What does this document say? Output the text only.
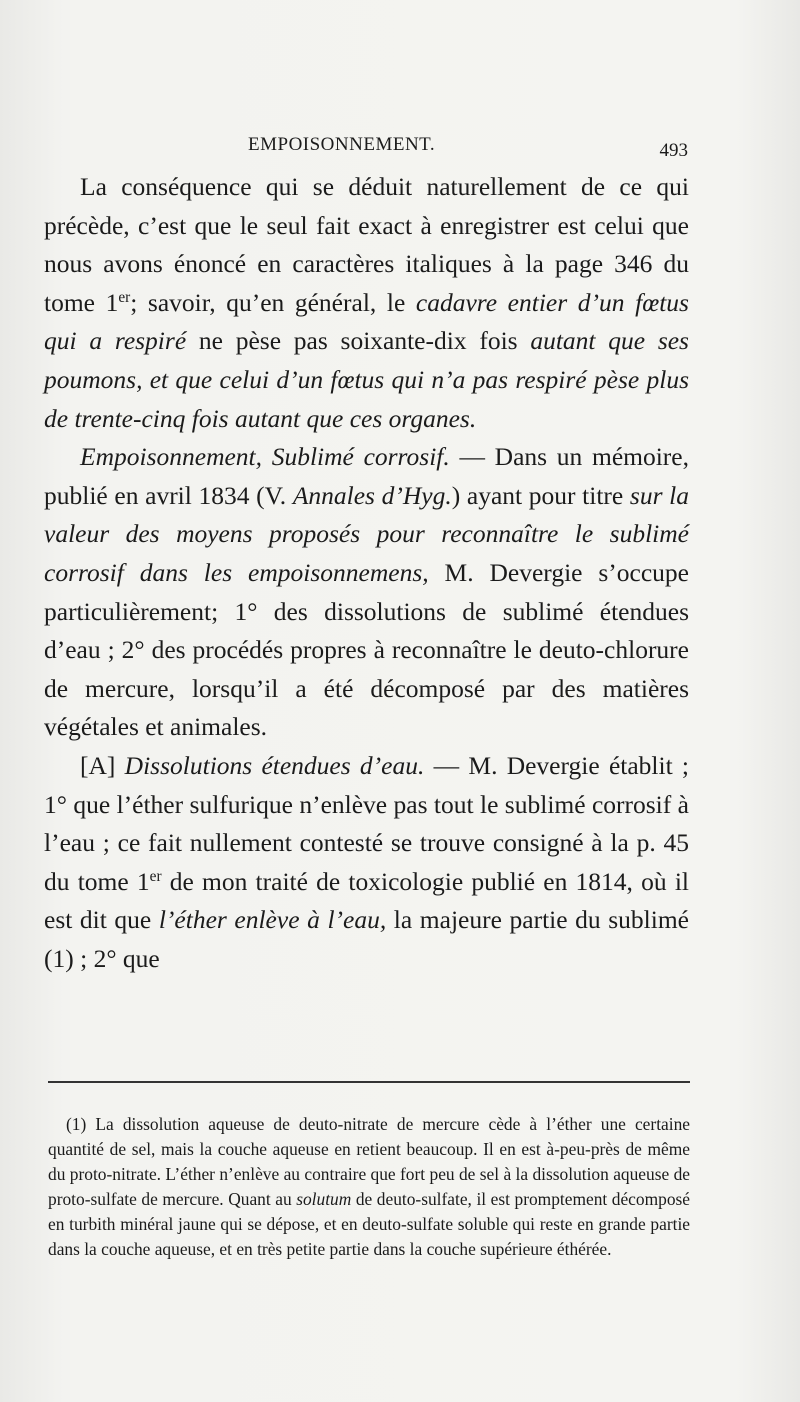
EMPOISONNEMENT.	493

La conséquence qui se déduit naturellement de ce qui précède, c’est que le seul fait exact à enregistrer est celui que nous avons énoncé en caractères italiques à la page 346 du tome 1er; savoir, qu’en général, le cadavre entier d’un fœtus qui a respiré ne pèse pas soixante-dix fois autant que ses poumons, et que celui d’un fœtus qui n’a pas respiré pèse plus de trente-cinq fois autant que ces organes.

Empoisonnement, Sublimé corrosif. — Dans un mémoire, publié en avril 1834 (V. Annales d’Hyg.) ayant pour titre sur la valeur des moyens proposés pour reconnaître le sublimé corrosif dans les empoisonnemens, M. Devergie s’occupe particulièrement; 1° des dissolutions de sublimé étendues d’eau ; 2° des procédés propres à reconnaître le deuto-chlorure de mercure, lorsqu’il a été décomposé par des matières végétales et animales.

[A] Dissolutions étendues d’eau. — M. Devergie établit ; 1° que l’éther sulfurique n’enlève pas tout le sublimé corrosif à l’eau ; ce fait nullement contesté se trouve consigné à la p. 45 du tome 1er de mon traité de toxicologie publié en 1814, où il est dit que l’éther enlève à l’eau, la majeure partie du sublimé (1) ; 2° que

(1) La dissolution aqueuse de deuto-nitrate de mercure cède à l’éther une certaine quantité de sel, mais la couche aqueuse en retient beaucoup. Il en est à-peu-près de même du proto-nitrate. L’éther n’enlève au contraire que fort peu de sel à la dissolution aqueuse de proto-sulfate de mercure. Quant au solutum de deuto-sulfate, il est promptement décomposé en turbith minéral jaune qui se dépose, et en deuto-sulfate soluble qui reste en grande partie dans la couche aqueuse, et en très petite partie dans la couche supérieure éthérée.
